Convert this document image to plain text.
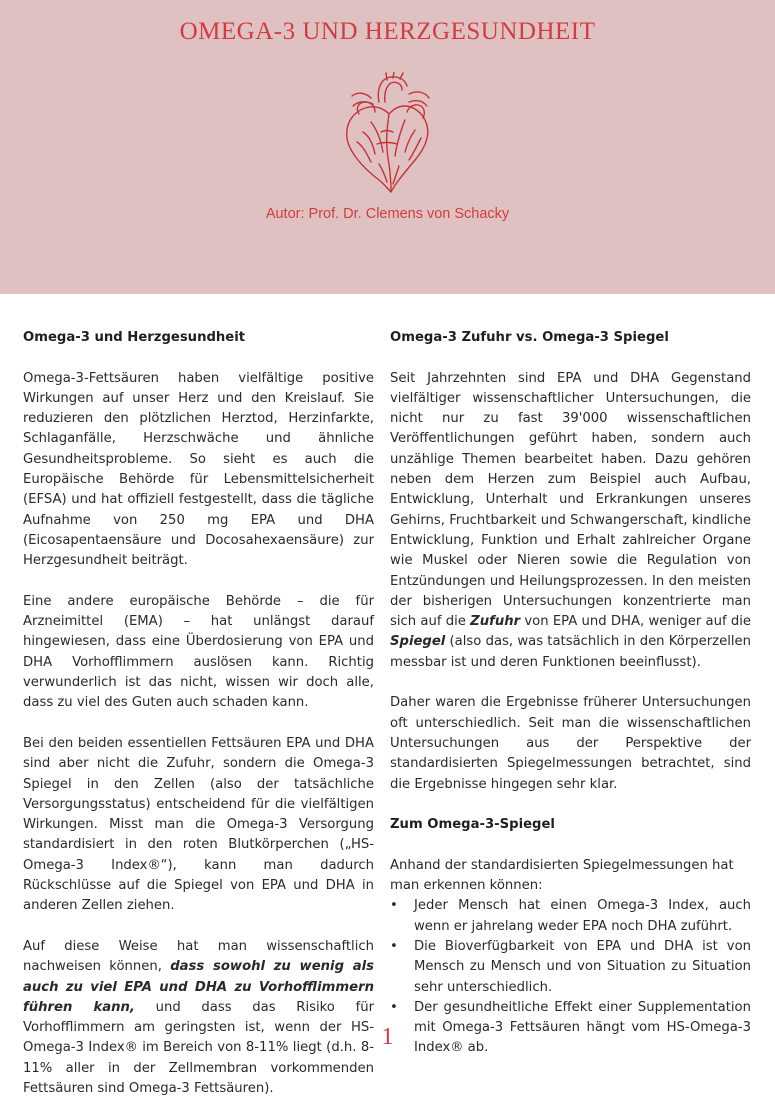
OMEGA-3 UND HERZGESUNDHEIT
Autor: Prof. Dr. Clemens von Schacky
Omega-3 und Herzgesundheit

Omega-3-Fettsäuren haben vielfältige positive Wirkungen auf unser Herz und den Kreislauf. Sie reduzieren den plötzlichen Herztod, Herzinfarkte, Schlaganfälle, Herzschwäche und ähnliche Gesundheitsprobleme. So sieht es auch die Europäische Behörde für Lebensmittelsicherheit (EFSA) und hat offiziell festgestellt, dass die tägliche Aufnahme von 250 mg EPA und DHA (Eicosapentaensäure und Docosahexaensäure) zur Herzgesundheit beiträgt.

Eine andere europäische Behörde – die für Arzneimittel (EMA) – hat unlängst darauf hingewiesen, dass eine Überdosierung von EPA und DHA Vorhofflimmern auslösen kann. Richtig verwunderlich ist das nicht, wissen wir doch alle, dass zu viel des Guten auch schaden kann.

Bei den beiden essentiellen Fettsäuren EPA und DHA sind aber nicht die Zufuhr, sondern die Omega-3 Spiegel in den Zellen (also der tatsächliche Versorgungsstatus) entscheidend für die vielfältigen Wirkungen. Misst man die Omega-3 Versorgung standardisiert in den roten Blutkörperchen („HS-Omega-3 Index®“), kann man dadurch Rückschlüsse auf die Spiegel von EPA und DHA in anderen Zellen ziehen.

Auf diese Weise hat man wissenschaftlich nachweisen können, dass sowohl zu wenig als auch zu viel EPA und DHA zu Vorhofflimmern führen kann, und dass das Risiko für Vorhofflimmern am geringsten ist, wenn der HS-Omega-3 Index® im Bereich von 8-11% liegt (d.h. 8-11% aller in der Zellmembran vorkommenden Fettsäuren sind Omega-3 Fettsäuren).

Omega-3 Zufuhr vs. Omega-3 Spiegel

Seit Jahrzehnten sind EPA und DHA Gegenstand vielfältiger wissenschaftlicher Untersuchungen, die nicht nur zu fast 39'000 wissenschaftlichen Veröffentlichungen geführt haben, sondern auch unzählige Themen bearbeitet haben. Dazu gehören neben dem Herzen zum Beispiel auch Aufbau, Entwicklung, Unterhalt und Erkrankungen unseres Gehirns, Fruchtbarkeit und Schwangerschaft, kindliche Entwicklung, Funktion und Erhalt zahlreicher Organe wie Muskel oder Nieren sowie die Regulation von Entzündungen und Heilungsprozessen. In den meisten der bisherigen Untersuchungen konzentrierte man sich auf die Zufuhr von EPA und DHA, weniger auf die Spiegel (also das, was tatsächlich in den Körperzellen messbar ist und deren Funktionen beeinflusst).

Daher waren die Ergebnisse früherer Untersuchungen oft unterschiedlich. Seit man die wissenschaftlichen Untersuchungen aus der Perspektive der standardisierten Spiegelmessungen betrachtet, sind die Ergebnisse hingegen sehr klar.

Zum Omega-3-Spiegel

Anhand der standardisierten Spiegelmessungen hat man erkennen können:

• Jeder Mensch hat einen Omega-3 Index, auch wenn er jahrelang weder EPA noch DHA zuführt.
• Die Bioverfügbarkeit von EPA und DHA ist von Mensch zu Mensch und von Situation zu Situation sehr unterschiedlich.
• Der gesundheitliche Effekt einer Supplementation mit Omega-3 Fettsäuren hängt vom HS-Omega-3 Index® ab.
1
